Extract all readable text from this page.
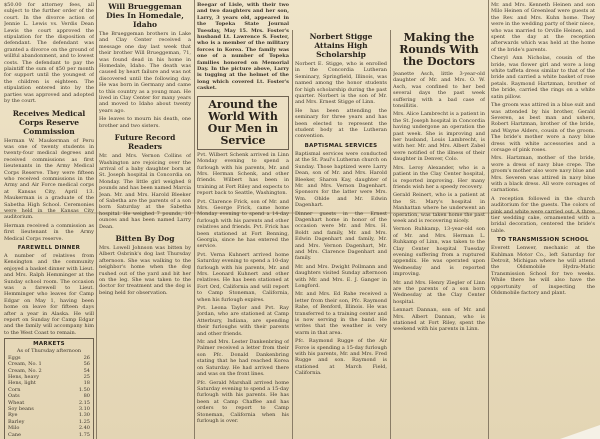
$50.00 for attorney fees, all subject to the further order of the court. In the divorce action of Jennie L. Lewis vs. Verdis Dean Lewis the court approved the stipulation for the disposition of defendant. The defendant was granted a divorce on the ground of willful abandonment, and to lowest costs. The defendant to pay the plaintiff the sum of $50 per month for support until the youngest of the children is eighteen. The stipulation entered into by the parties was approved and adopted by the court.

Receives Medical Corps Reserve Commission

Herman W. Maukerman of Peru was one of twenty students in twenty-four medical degrees and received commissions as first lieutenants in the Army Medical Corps Reserve. They were fifteen who received commissions in the Army and Air Force medical corps at Kansas City, April 13. Maukerman is a graduate of the Sabetha High School. Ceremonies were held in the Kansas City auditorium.

Herman received a commission as first lieutenant in the Army Medical Corps reserve.

FAREWELL DINNER

A number of relatives from Kensington and the community enjoyed a basket dinner with Lieut. and Mrs. Ralph Hemminger at the Sunday school room. The occasion was a farewell to Lieut. Hemminger who leaves for Camp Edgar on May 1, having been home on leave for fifteen days after a year in Alaska. He will report on Sunday for Camp Edgar and the family will accompany him to the West Coast to remain.

MARKETS
As of Thursday afternoon
Eggs	26
Cream, No. 1	56
Cream, No. 2	54
Hens, heavy	25
Hens, light	18
Corn	1.50
Oats	80
Wheat	2.15
Soy beans	3.10
Rye	1.30
Barley	1.25
Milo	2.40
Cane	1.75
Will Brueggeman Dies In Homedale, Idaho

The Brueggeman brothers in Lake and Clay Center received a message one day last week that their brother Will Brueggeman, 71, was found dead in his home in Homedale, Idaho. The death was caused by heart failure and was not discovered until the following day. He was born in Germany and came to this country as a young man. He lived in Clay Center for many years and moved to Idaho about twenty years ago.

He leaves to mourn his death, one brother and two sisters.

Future Record Readers

Mr. and Mrs. Vernon Collins of Washington are rejoicing over the arrival of a baby daughter born at St. Joseph hospital in Concordia on Monday. The little girl weighed 8 pounds and has been named Marcia Jean. Mr. and Mrs. Harold Bleeker of Sabetha are the parents of a son born Saturday at the Sabetha hospital. He weighed 7 pounds, 10 ounces and has been named Larry Dean.

Bitten By Dog

Mrs. Lowell Johnson was bitten by Albert Osbrink's dog last Thursday afternoon. She was walking to the neighbor's home when the dog rushed out of the yard and bit her on the leg. She was taken to the doctor for treatment and the dog is being held for observation.

Beegar of Lisle, with their two and two daughters and her son, Larry, 3 years old, appeared in the Topeka State Journal Tuesday, May 15. Mrs. Foster's husband Lt. Lawrence S. Foster, who is a member of the military forces in Korea. The family was one of a number of Topeka families honored on Memorial Day. In the picture above, Larry is tugging at the helmet of the long which covered Lt. Foster's casket.

Around the World With Our Men in Service

Pvt. Wilbert Schenk arrived in Linn Monday evening to spend a furlough with his parents, Mr. and Mrs. Herman Schenk, and other friends. Wilbert has been in training at Fort Riley and expects to report back to Seattle, Washington.

Pvt. Clarence Frick, son of Mr. and Mrs. George Frick, came home Monday evening to spend a 14-day furlough with his parents and other relatives and friends. Pvt. Frick has been stationed at Fort Benning, Georgia, since he has entered the service.

Pvt. Verna Kuhnert arrived home Saturday evening to spend a 10-day furlough with his parents, Mr. and Mrs. Leonard Kuhnert and other relatives. He has been stationed at Fort Ord, California and will report to Camp Stoneman, California, when his furlough expires.

Pvt. Leona Taylor and Pvt. Ray Jordan, who are stationed at Camp Atterbury, Indiana, are spending their furloughs with their parents and other friends.

Mr. and Mrs. Lester Dankenbring of Palmer received a letter from their son Pfc. Donald Dankenbring stating that he had reached Korea on Saturday. He had arrived there and was on the front lines.

Pfc. Gerald Marshall arrived home Saturday evening to spend a 15-day furlough with his parents. He has been at Camp Chaffee and has orders to report to Camp Stoneman, California when his furlough is over.

Norbert Stigge Attains High Scholarship

Norbert E. Stigge, who is enrolled in the Concordia Lutheran Seminary, Springfield, Illinois, was named among the honor students for high scholarship during the past quarter. Norbert is the son of Mr. and Mrs. Ernest Stigge of Linn.

He has been attending the seminary for three years and has been elected to represent the student body at the Lutheran convention.

BAPTISMAL SERVICES

Baptismal services were conducted at the St. Paul's Lutheran church on Sunday. Those baptized were Larry Dean, son of Mr. and Mrs. Harold Bleeker, Sharon Kay, daughter of Mr. and Mrs. Vernon Dagenhart. Sponsors for the latter were Mrs. Wm. Ohlde and Mr. Edwin Dagenhart.

Dinner guests in the Ernest Dagenhart home in honor of the occasion were Mr. and Mrs. H. Boldt and family, Mr. and Mrs. Edwin Dagenhart and family, Mr. and Mrs. Vernon Dagenhart, Mr. and Mrs. Clarence Dagenhart and family.

Mr. and Mrs. Dwight Pollmann and daughters visited Sunday afternoon with Mr. and Mrs. E. J. Ganger in Longford.

Mr. and Mrs. Ed Rahe received a letter from their son, Pfc. Raymond Rahe, of Benford, Illinois. He was transferred to a training center and is now serving in the band. He writes that the weather is very warm in that area.

Pfc. Raymond Rugge of the Air Force is spending a 15-day furlough with his parents, Mr. and Mrs. Fred Rugge and son. Raymond is stationed at March Field, California.

Making the Rounds With the Doctors

Jeanette Asch, little 3-year-old daughter of Mr. and Mrs. O. W. Asch, was confined to her bed several days the past week suffering with a bad case of tonsillitis.

Mrs. Alice Lambrecht is a patient in the St. Joseph hospital in Concordia having undergone an operation the past week. She is improving and her husband, Louis Lambrecht, is with her. Mr. and Mrs. Albert Zabel were notified of the illness of their daughter in Denver, Colo.

Mrs. Leroy Alexander, who is a patient in the Clay Center hospital, is reported improving. Her many friends wish her a speedy recovery.

Gerald Reinert, who is a patient at the St. Mary's hospital in Manhattan where he underwent an operation, was taken home the past week and is recovering nicely.

Vernon Ruhkamp, 13-year-old son of Mr. and Mrs. Herman L. Ruhkamp of Linn, was taken to the Clay Center hospital Tuesday evening suffering from a ruptured appendix. He was operated upon Wednesday and is reported improving.

Mr. and Mrs. Henry Ziegler of Linn are the parents of a son born Wednesday at the Clay Center hospital.

Lennart Dannan, son of Mr. and Mrs. Albert Dannan, who is stationed at Fort Riley, spent the weekend with his parents in Linn.

Mr. and Mrs. Kenneth Heinen and son Milo Heinen of Greenleaf were guests at the Rev. and Mrs. Kuhn home. They were in the wedding party of their niece, who was married to Orville Heinen, and spent the day at the reception afterwards which was held at the home of the bride's parents.

Cheryl Ann Nicholas, cousin of the bride, was flower girl and wore a long white taffeta dress similar to that of the bride and carried a white basket of rose petals. Raymond Hartzman, brother of the bride, carried the rings on a white satin pillow.

The groom was attired in a blue suit and was attended by his brother, Gerald Severen, as best man and ushers, Robert Hartzman, brother of the bride, and Wayne Alders, cousin of the groom. The bride's mother wore a navy blue dress with white accessories and a corsage of pink roses.

Mrs. Hartzman, mother of the bride, wore a dress of navy blue crepe. The groom's mother also wore navy blue and Mrs. Severen was attired in navy blue with a black dress. All wore corsages of carnations.

A reception followed in the church auditorium for the guests. The colors of pink and white were carried out. A three tier wedding cake, ornamented with a bridal decoration, centered the bride's table.

TO TRANSMISSION SCHOOL

Everett Lenwer, mechanic at the Kuhlman Motor Co., left Saturday for Detroit, Michigan where he will attend the Oldsmobile Hydra-Matic Transmission School for two weeks. While there he will also have the opportunity of inspecting the Oldsmobile factory and plant.
